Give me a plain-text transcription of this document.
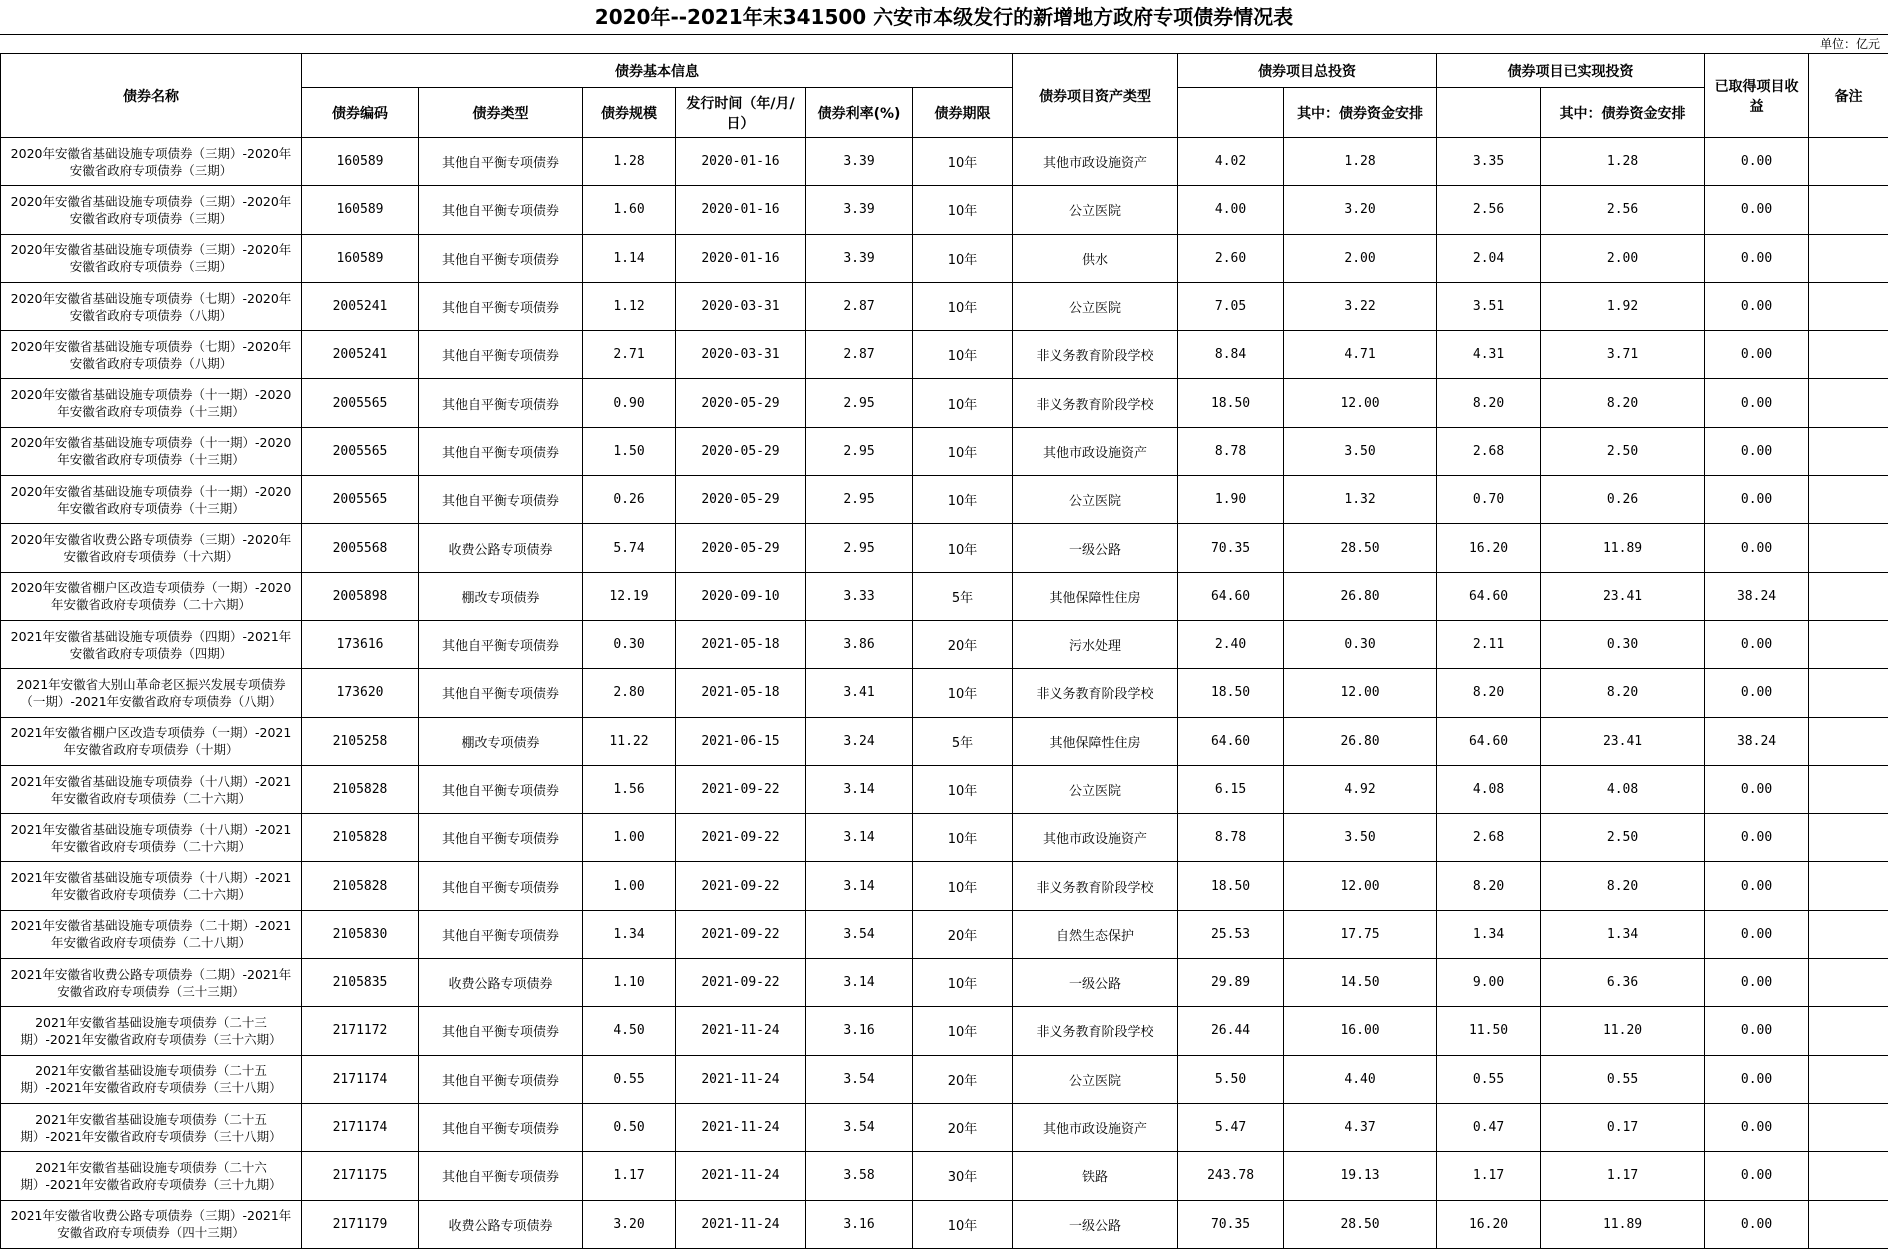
2020年--2021年末341500 六安市本级发行的新增地方政府专项债券情况表
单位：亿元
债券名称	债券基本信息						债券项目资产类型	债券项目总投资		债券项目已实现投资		已取得项目收益	备注
	债券编码	债券类型	债券规模	发行时间（年/月/日）	债券利率(%)	债券期限			其中：债券资金安排		其中：债券资金安排		

2020年安徽省基础设施专项债券（三期）-2020年安徽省政府专项债券（三期）	160589	其他自平衡专项债券	1.28	2020-01-16	3.39	10年	其他市政设施资产	4.02	1.28	3.35	1.28	0.00	

2020年安徽省基础设施专项债券（三期）-2020年安徽省政府专项债券（三期）	160589	其他自平衡专项债券	1.60	2020-01-16	3.39	10年	公立医院	4.00	3.20	2.56	2.56	0.00	

2020年安徽省基础设施专项债券（三期）-2020年安徽省政府专项债券（三期）	160589	其他自平衡专项债券	1.14	2020-01-16	3.39	10年	供水	2.60	2.00	2.04	2.00	0.00	

2020年安徽省基础设施专项债券（七期）-2020年安徽省政府专项债券（八期）	2005241	其他自平衡专项债券	1.12	2020-03-31	2.87	10年	公立医院	7.05	3.22	3.51	1.92	0.00	

2020年安徽省基础设施专项债券（七期）-2020年安徽省政府专项债券（八期）	2005241	其他自平衡专项债券	2.71	2020-03-31	2.87	10年	非义务教育阶段学校	8.84	4.71	4.31	3.71	0.00	

2020年安徽省基础设施专项债券（十一期）-2020年安徽省政府专项债券（十三期）	2005565	其他自平衡专项债券	0.90	2020-05-29	2.95	10年	非义务教育阶段学校	18.50	12.00	8.20	8.20	0.00	

2020年安徽省基础设施专项债券（十一期）-2020年安徽省政府专项债券（十三期）	2005565	其他自平衡专项债券	1.50	2020-05-29	2.95	10年	其他市政设施资产	8.78	3.50	2.68	2.50	0.00	

2020年安徽省基础设施专项债券（十一期）-2020年安徽省政府专项债券（十三期）	2005565	其他自平衡专项债券	0.26	2020-05-29	2.95	10年	公立医院	1.90	1.32	0.70	0.26	0.00	

2020年安徽省收费公路专项债券（三期）-2020年安徽省政府专项债券（十六期）	2005568	收费公路专项债券	5.74	2020-05-29	2.95	10年	一级公路	70.35	28.50	16.20	11.89	0.00	

2020年安徽省棚户区改造专项债券（一期）-2020年安徽省政府专项债券（二十六期）	2005898	棚改专项债券	12.19	2020-09-10	3.33	5年	其他保障性住房	64.60	26.80	64.60	23.41	38.24	

2021年安徽省基础设施专项债券（四期）-2021年安徽省政府专项债券（四期）	173616	其他自平衡专项债券	0.30	2021-05-18	3.86	20年	污水处理	2.40	0.30	2.11	0.30	0.00	

2021年安徽省大别山革命老区振兴发展专项债券（一期）-2021年安徽省政府专项债券（八期）	173620	其他自平衡专项债券	2.80	2021-05-18	3.41	10年	非义务教育阶段学校	18.50	12.00	8.20	8.20	0.00	

2021年安徽省棚户区改造专项债券（一期）-2021年安徽省政府专项债券（十期）	2105258	棚改专项债券	11.22	2021-06-15	3.24	5年	其他保障性住房	64.60	26.80	64.60	23.41	38.24	

2021年安徽省基础设施专项债券（十八期）-2021年安徽省政府专项债券（二十六期）	2105828	其他自平衡专项债券	1.56	2021-09-22	3.14	10年	公立医院	6.15	4.92	4.08	4.08	0.00	

2021年安徽省基础设施专项债券（十八期）-2021年安徽省政府专项债券（二十六期）	2105828	其他自平衡专项债券	1.00	2021-09-22	3.14	10年	其他市政设施资产	8.78	3.50	2.68	2.50	0.00	

2021年安徽省基础设施专项债券（十八期）-2021年安徽省政府专项债券（二十六期）	2105828	其他自平衡专项债券	1.00	2021-09-22	3.14	10年	非义务教育阶段学校	18.50	12.00	8.20	8.20	0.00	

2021年安徽省基础设施专项债券（二十期）-2021年安徽省政府专项债券（二十八期）	2105830	其他自平衡专项债券	1.34	2021-09-22	3.54	20年	自然生态保护	25.53	17.75	1.34	1.34	0.00	

2021年安徽省收费公路专项债券（二期）-2021年安徽省政府专项债券（三十三期）	2105835	收费公路专项债券	1.10	2021-09-22	3.14	10年	一级公路	29.89	14.50	9.00	6.36	0.00	

2021年安徽省基础设施专项债券（二十三期）-2021年安徽省政府专项债券（三十六期）	2171172	其他自平衡专项债券	4.50	2021-11-24	3.16	10年	非义务教育阶段学校	26.44	16.00	11.50	11.20	0.00	

2021年安徽省基础设施专项债券（二十五期）-2021年安徽省政府专项债券（三十八期）	2171174	其他自平衡专项债券	0.55	2021-11-24	3.54	20年	公立医院	5.50	4.40	0.55	0.55	0.00	

2021年安徽省基础设施专项债券（二十五期）-2021年安徽省政府专项债券（三十八期）	2171174	其他自平衡专项债券	0.50	2021-11-24	3.54	20年	其他市政设施资产	5.47	4.37	0.47	0.17	0.00	

2021年安徽省基础设施专项债券（二十六期）-2021年安徽省政府专项债券（三十九期）	2171175	其他自平衡专项债券	1.17	2021-11-24	3.58	30年	铁路	243.78	19.13	1.17	1.17	0.00	

2021年安徽省收费公路专项债券（三期）-2021年安徽省政府专项债券（四十三期）	2171179	收费公路专项债券	3.20	2021-11-24	3.16	10年	一级公路	70.35	28.50	16.20	11.89	0.00	
